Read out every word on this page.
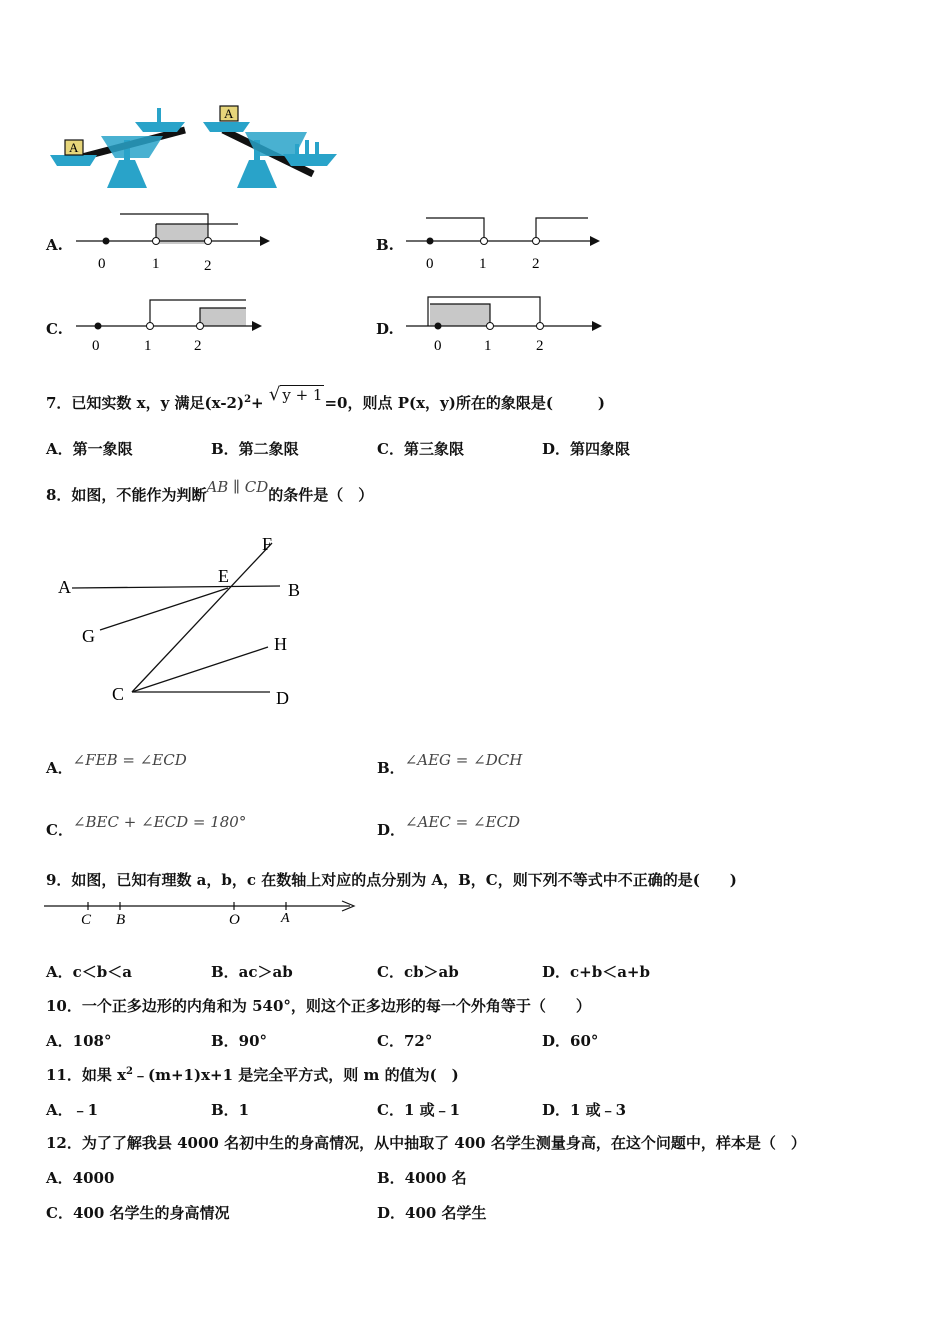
A
A
A.
0	1	2
B.
0	1	2
C.
0	1	2
D.
0	1	2
7．已知实数 x，y 满足$(x-2)^2+$ √ y + 1 =0，则点 P(x，y)所在的象限是(　　　)
A．第一象限	B．第二象限	C．第三象限	D．第四象限
8．如图，不能作为判断AB ∥ CD的条件是（　）
A
E
F
B
G	H
C	D
A．∠FEB = ∠ECD	B．∠AEG = ∠DCH
C．∠BEC + ∠ECD = 180°	D．∠AEC = ∠ECD
9．如图，已知有理数 a，b，c 在数轴上对应的点分别为 A，B，C，则下列不等式中不正确的是(　　)
C B	O	A
A．c＜b＜a	B．ac＞ab	C．cb＞ab	D．c+b＜a+b
10．一个正多边形的内角和为 540°，则这个正多边形的每一个外角等于（　　）
A．108°	B．90°	C．72°	D．60°
11．如果 $x^2﹣(m+1)x+1$ 是完全平方式，则 m 的值为(　)
A．﹣1	B．1	C．1 或﹣1	D．1 或﹣3
12．为了了解我县 4000 名初中生的身高情况，从中抽取了 400 名学生测量身高，在这个问题中，样本是（　）
A．4000	B．4000 名
C．400 名学生的身高情况	D．400 名学生
